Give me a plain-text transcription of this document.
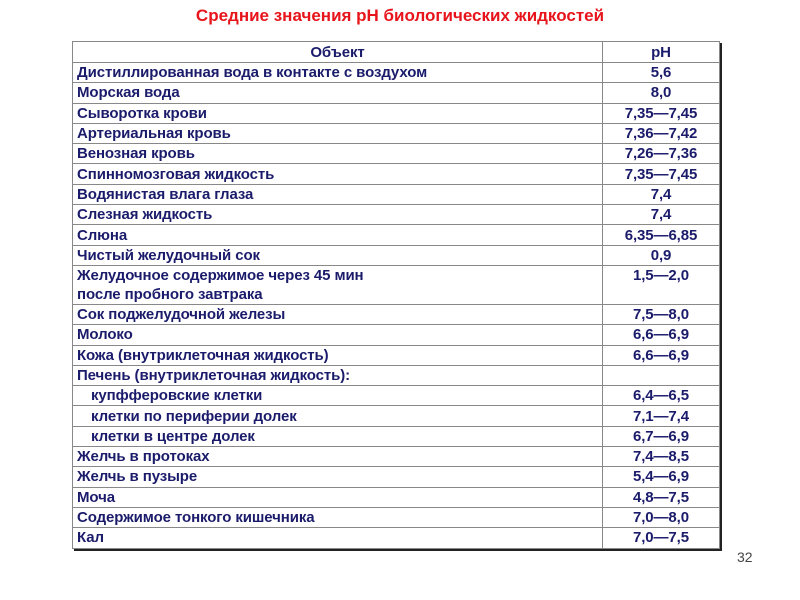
Средние значения pH биологических жидкостей
Объект	pH
Дистиллированная вода в контакте с воздухом	5,6
Морская вода	8,0
Сыворотка крови	7,35—7,45
Артериальная кровь	7,36—7,42
Венозная кровь	7,26—7,36
Спинномозговая жидкость	7,35—7,45
Водянистая влага глаза	7,4
Слезная жидкость	7,4
Слюна	6,35—6,85
Чистый желудочный сок	0,9
Желудочное содержимое через 45 мин
после пробного завтрака	1,5—2,0
Сок поджелудочной железы	7,5—8,0
Молоко	6,6—6,9
Кожа (внутриклеточная жидкость)	6,6—6,9
Печень (внутриклеточная жидкость):	
купфферовские клетки	6,4—6,5
клетки по периферии долек	7,1—7,4
клетки в центре долек	6,7—6,9
Желчь в протоках	7,4—8,5
Желчь в пузыре	5,4—6,9
Моча	4,8—7,5
Содержимое тонкого кишечника	7,0—8,0
Кал	7,0—7,5
32
